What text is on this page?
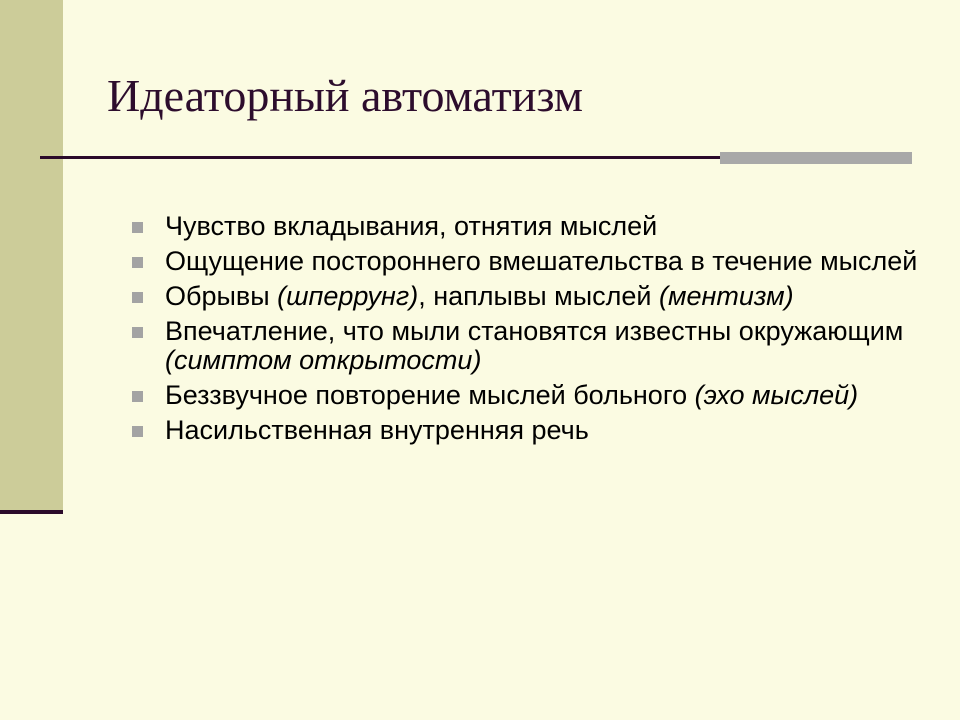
Идеаторный автоматизм
Чувство вкладывания, отнятия мыслей
Ощущение постороннего вмешательства в течение мыслей
Обрывы (шперрунг), наплывы мыслей (ментизм)
Впечатление, что мыли становятся известны окружающим (симптом открытости)
Беззвучное повторение мыслей больного (эхо мыслей)
Насильственная внутренняя речь
